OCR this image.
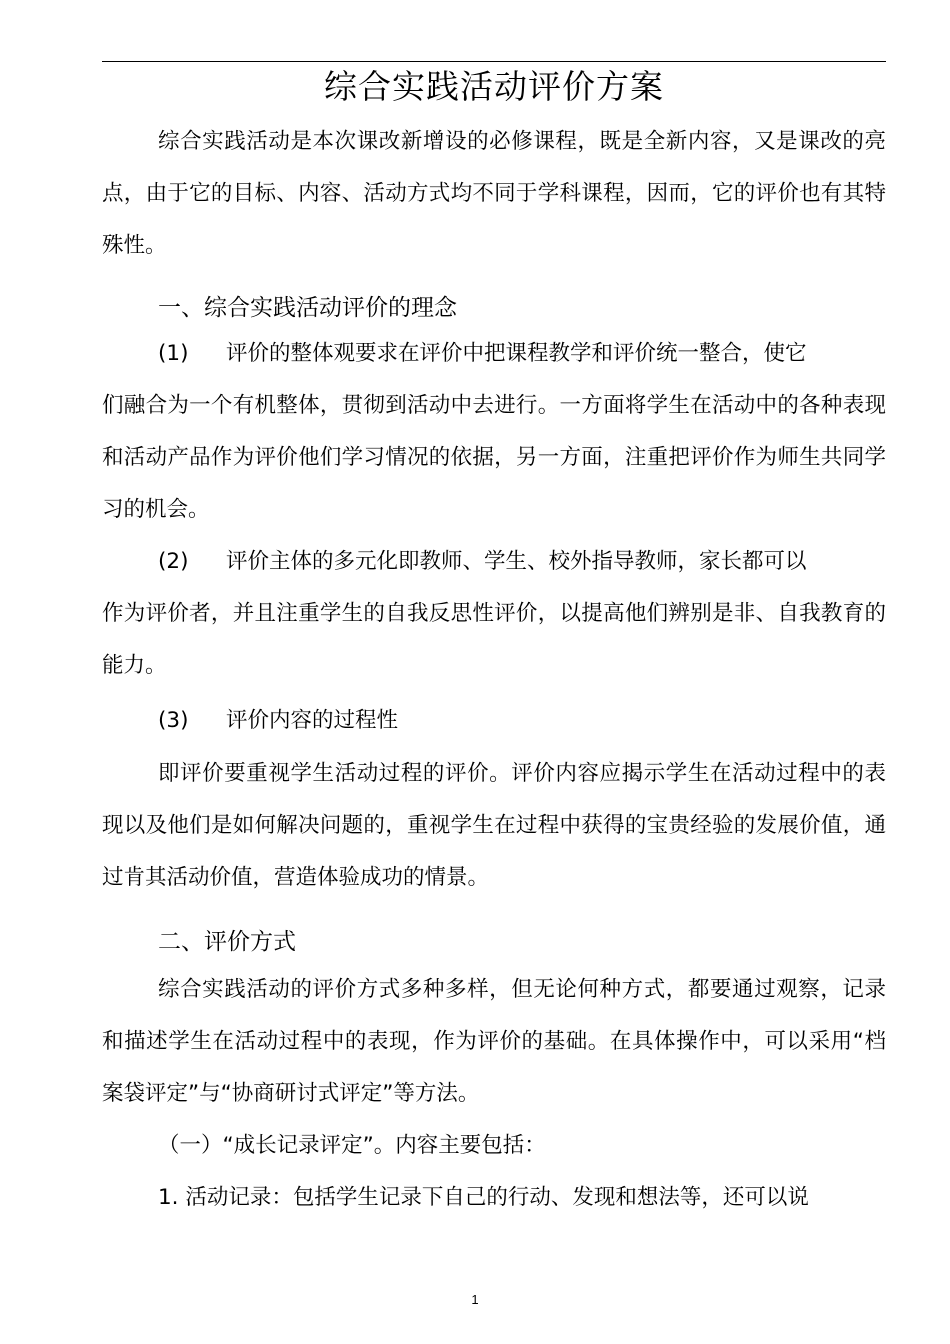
综合实践活动评价方案
综合实践活动是本次课改新增设的必修课程，既是全新内容，又是课改的亮点，由于它的目标、内容、活动方式均不同于学科课程，因而，它的评价也有其特殊性。
一、综合实践活动评价的理念
(1)	评价的整体观要求在评价中把课程教学和评价统一整合，使它
们融合为一个有机整体，贯彻到活动中去进行。一方面将学生在活动中的各种表现和活动产品作为评价他们学习情况的依据，另一方面，注重把评价作为师生共同学习的机会。
(2)	评价主体的多元化即教师、学生、校外指导教师，家长都可以
作为评价者，并且注重学生的自我反思性评价，以提高他们辨别是非、自我教育的能力。
(3)	评价内容的过程性
即评价要重视学生活动过程的评价。评价内容应揭示学生在活动过程中的表现以及他们是如何解决问题的，重视学生在过程中获得的宝贵经验的发展价值，通过肯其活动价值，营造体验成功的情景。
二、评价方式
综合实践活动的评价方式多种多样，但无论何种方式，都要通过观察，记录和描述学生在活动过程中的表现，作为评价的基础。在具体操作中，可以采用“档案袋评定”与“协商研讨式评定”等方法。
（一）“成长记录评定”。内容主要包括：
1. 活动记录：包括学生记录下自己的行动、发现和想法等，还可以说
1
